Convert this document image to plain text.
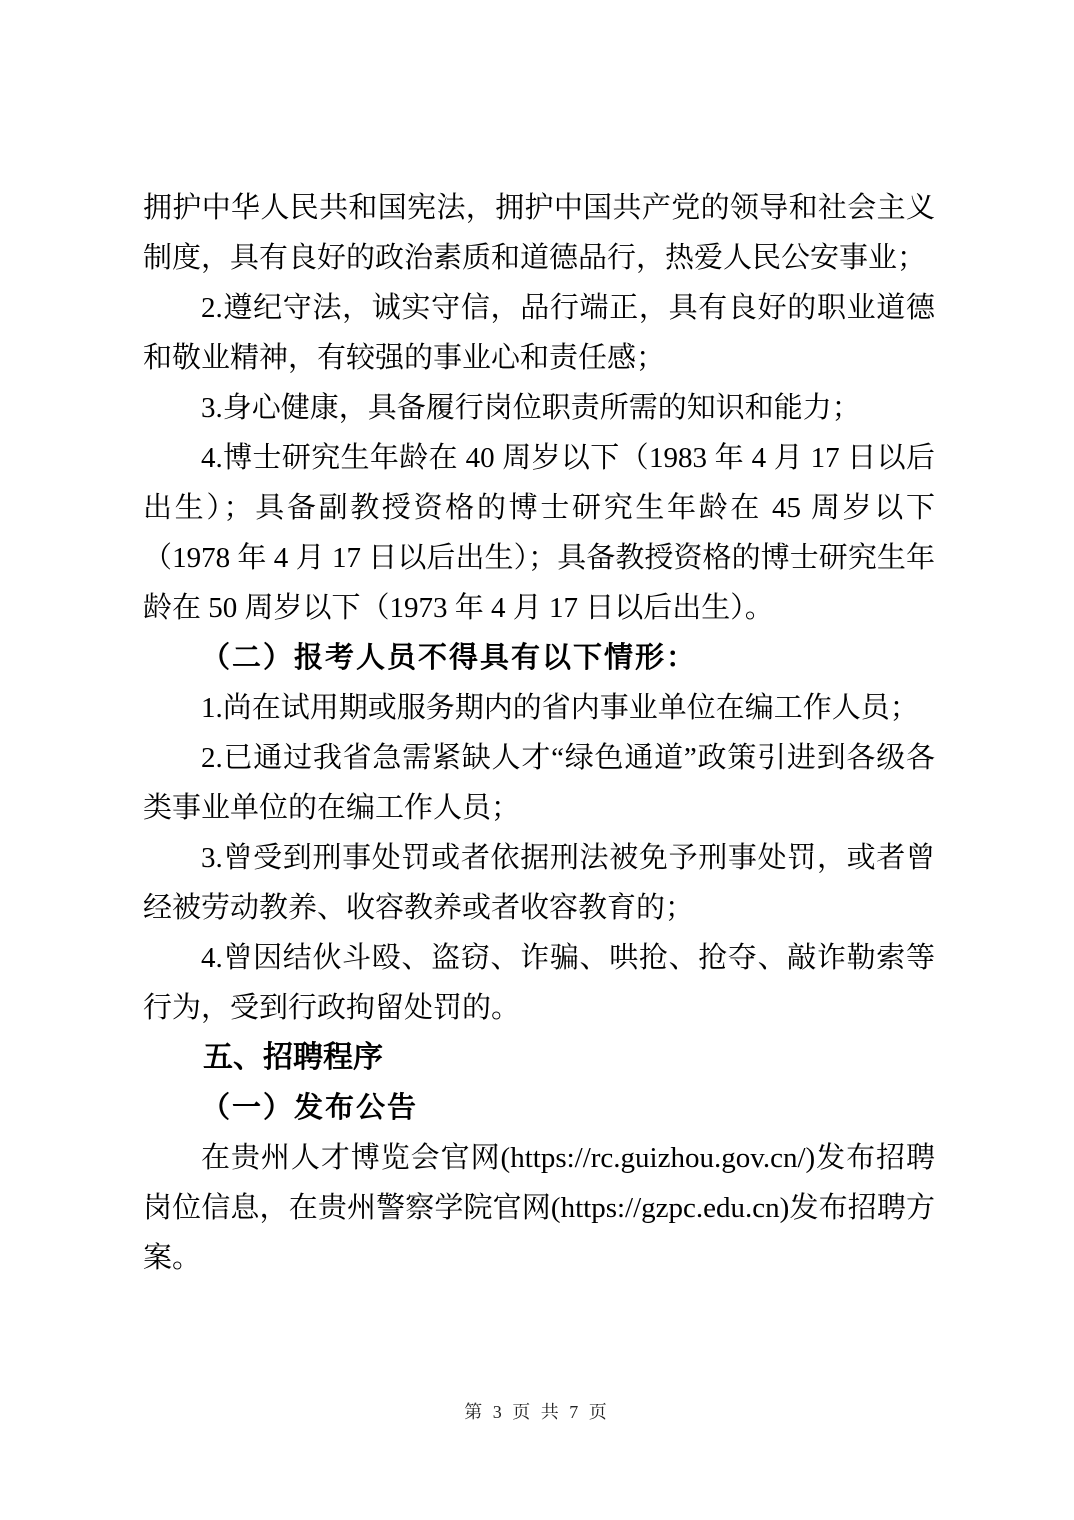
拥护中华人民共和国宪法，拥护中国共产党的领导和社会主义制度，具有良好的政治素质和道德品行，热爱人民公安事业；

2.遵纪守法，诚实守信，品行端正，具有良好的职业道德和敬业精神，有较强的事业心和责任感；

3.身心健康，具备履行岗位职责所需的知识和能力；

4.博士研究生年龄在 40 周岁以下（1983 年 4 月 17 日以后出生）；具备副教授资格的博士研究生年龄在 45 周岁以下（1978 年 4 月 17 日以后出生）；具备教授资格的博士研究生年龄在 50 周岁以下（1973 年 4 月 17 日以后出生）。

（二）报考人员不得具有以下情形：

1.尚在试用期或服务期内的省内事业单位在编工作人员；

2.已通过我省急需紧缺人才“绿色通道”政策引进到各级各类事业单位的在编工作人员；

3.曾受到刑事处罚或者依据刑法被免予刑事处罚，或者曾经被劳动教养、收容教养或者收容教育的；

4.曾因结伙斗殴、盗窃、诈骗、哄抢、抢夺、敲诈勒索等行为，受到行政拘留处罚的。

五、招聘程序

（一）发布公告

在贵州人才博览会官网(https://rc.guizhou.gov.cn/)发布招聘岗位信息，在贵州警察学院官网(https://gzpc.edu.cn)发布招聘方案。

第 3 页 共 7 页
